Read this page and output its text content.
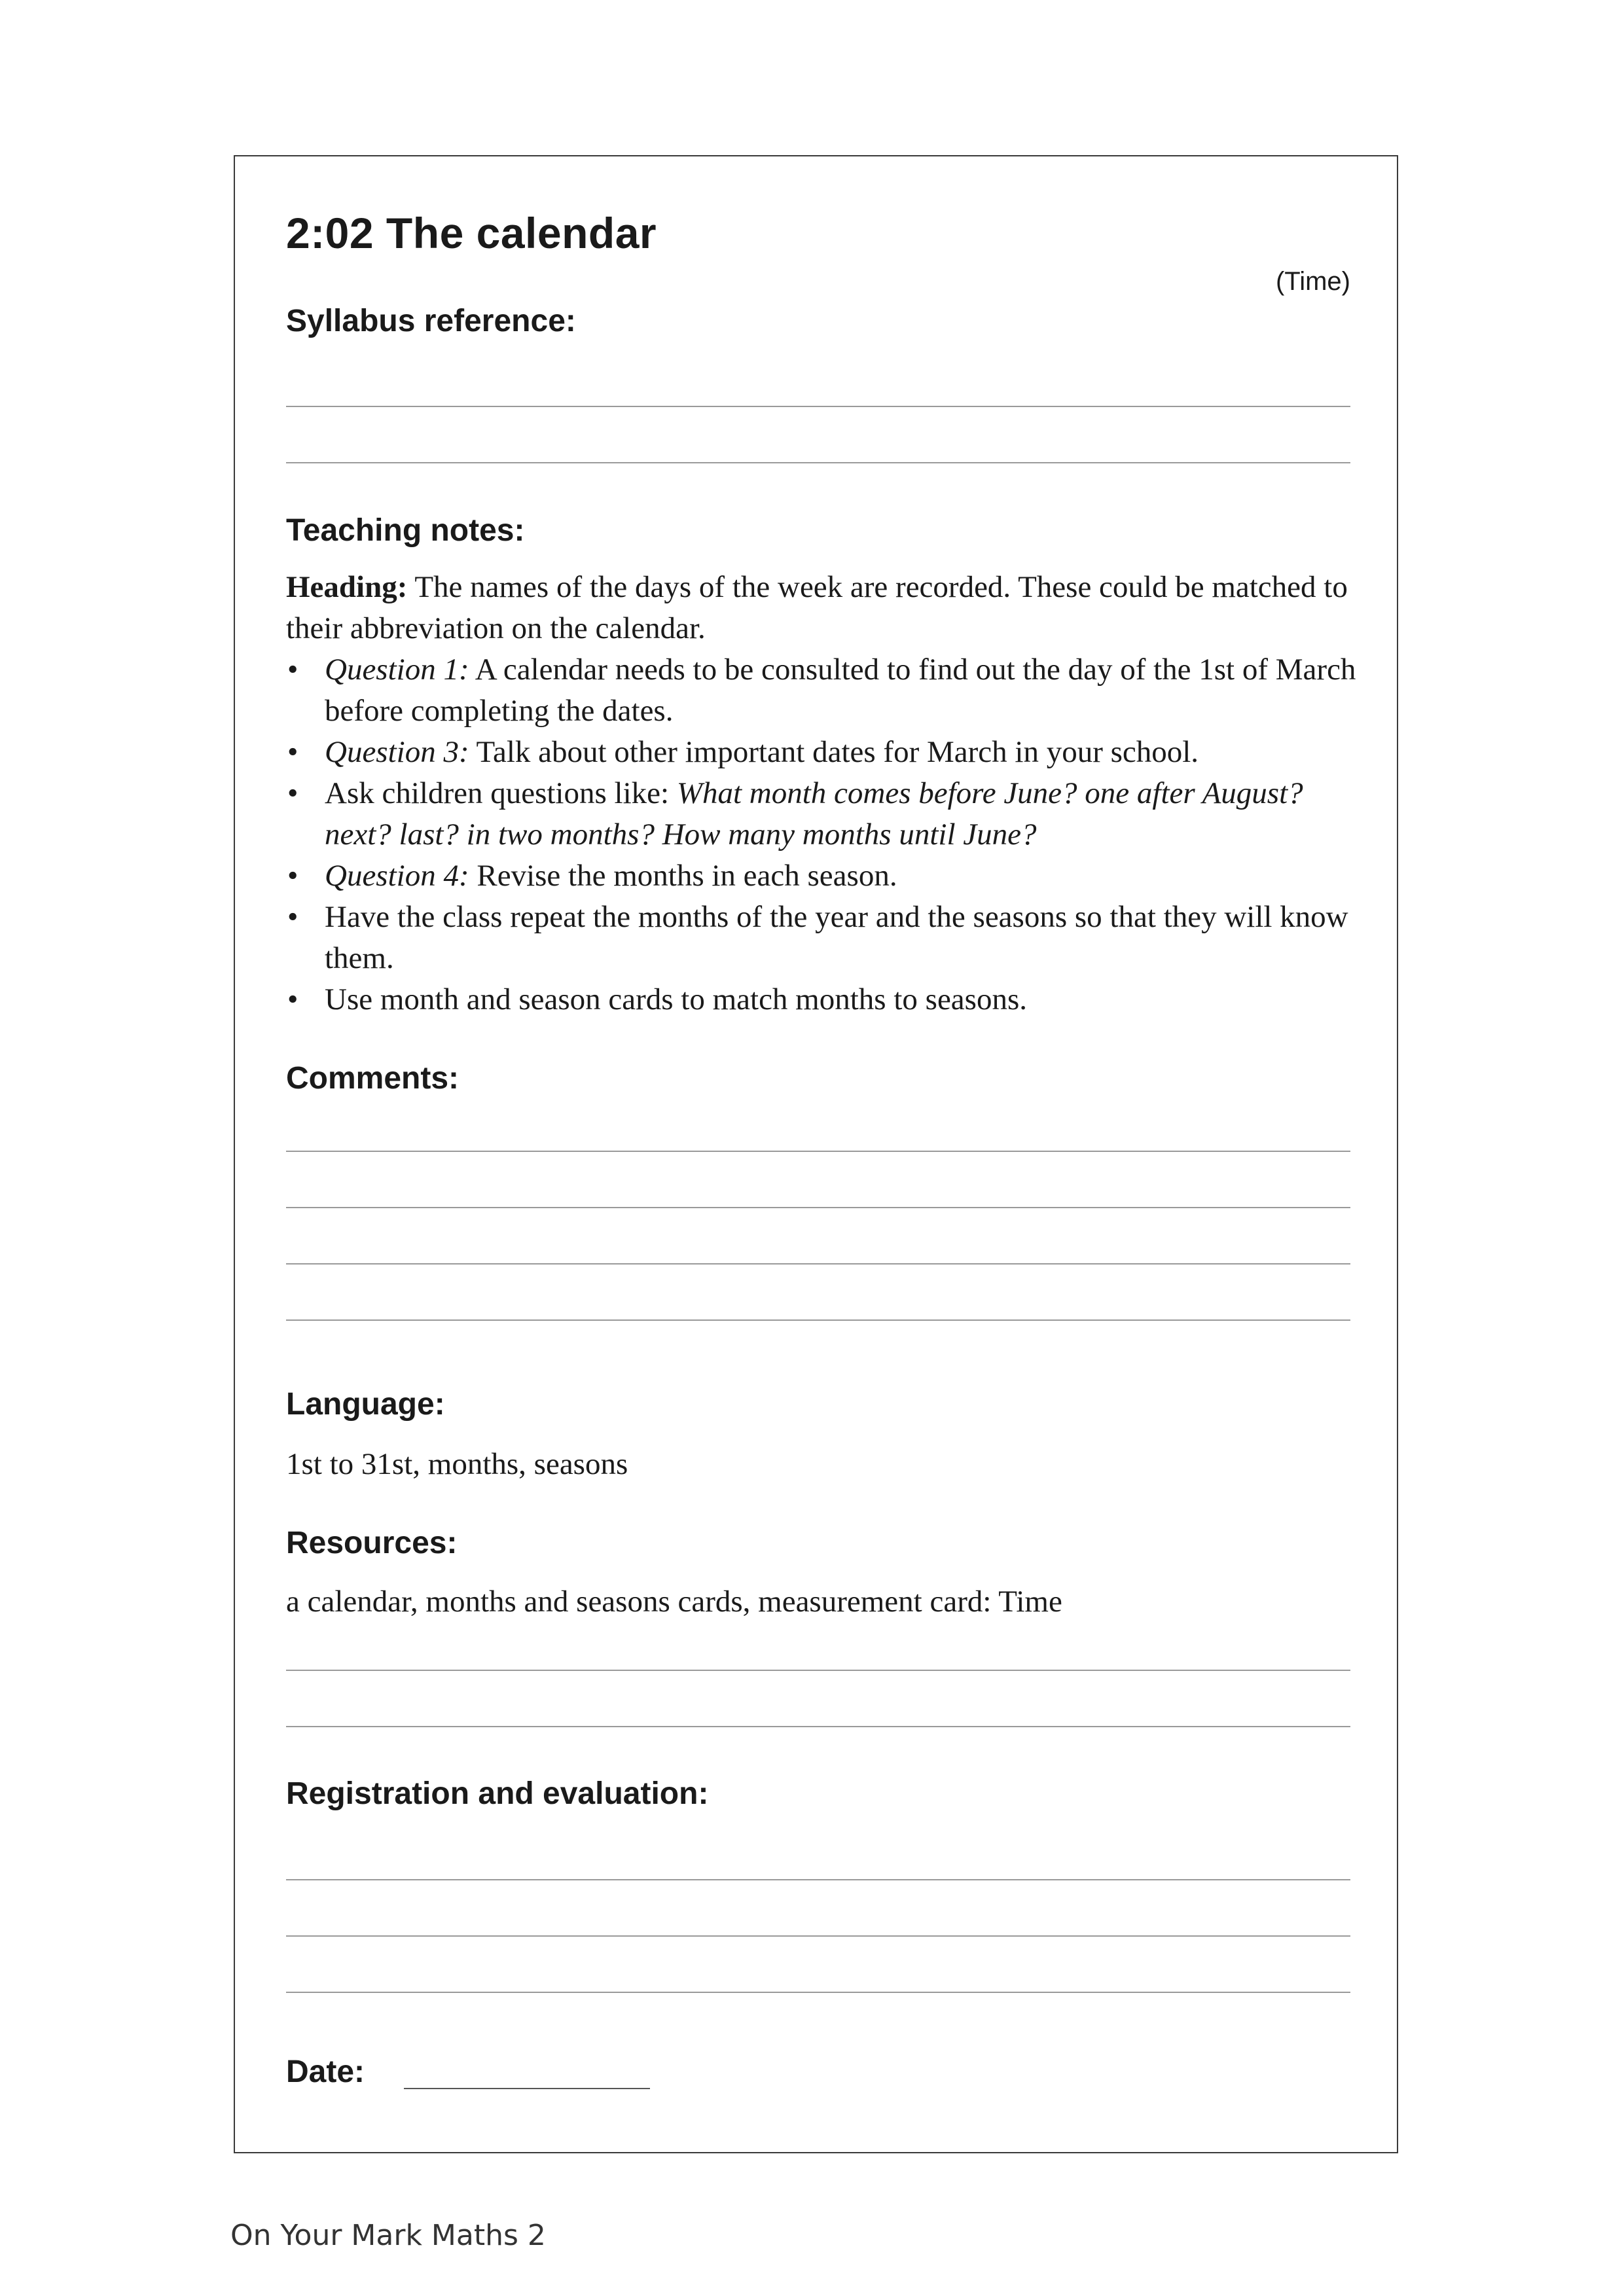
2:02 The calendar
(Time)
Syllabus reference:
Teaching notes:
Heading: The names of the days of the week are recorded. These could be matched to their abbreviation on the calendar.
• Question 1: A calendar needs to be consulted to find out the day of the 1st of March before completing the dates.
• Question 3: Talk about other important dates for March in your school.
• Ask children questions like: What month comes before June? one after August? next? last? in two months? How many months until June?
• Question 4: Revise the months in each season.
• Have the class repeat the months of the year and the seasons so that they will know them.
• Use month and season cards to match months to seasons.
Comments:
Language:

1st to 31st, months, seasons

Resources:

a calendar, months and seasons cards, measurement card: Time

Registration and evaluation:
Date:
On Your Mark Maths 2
